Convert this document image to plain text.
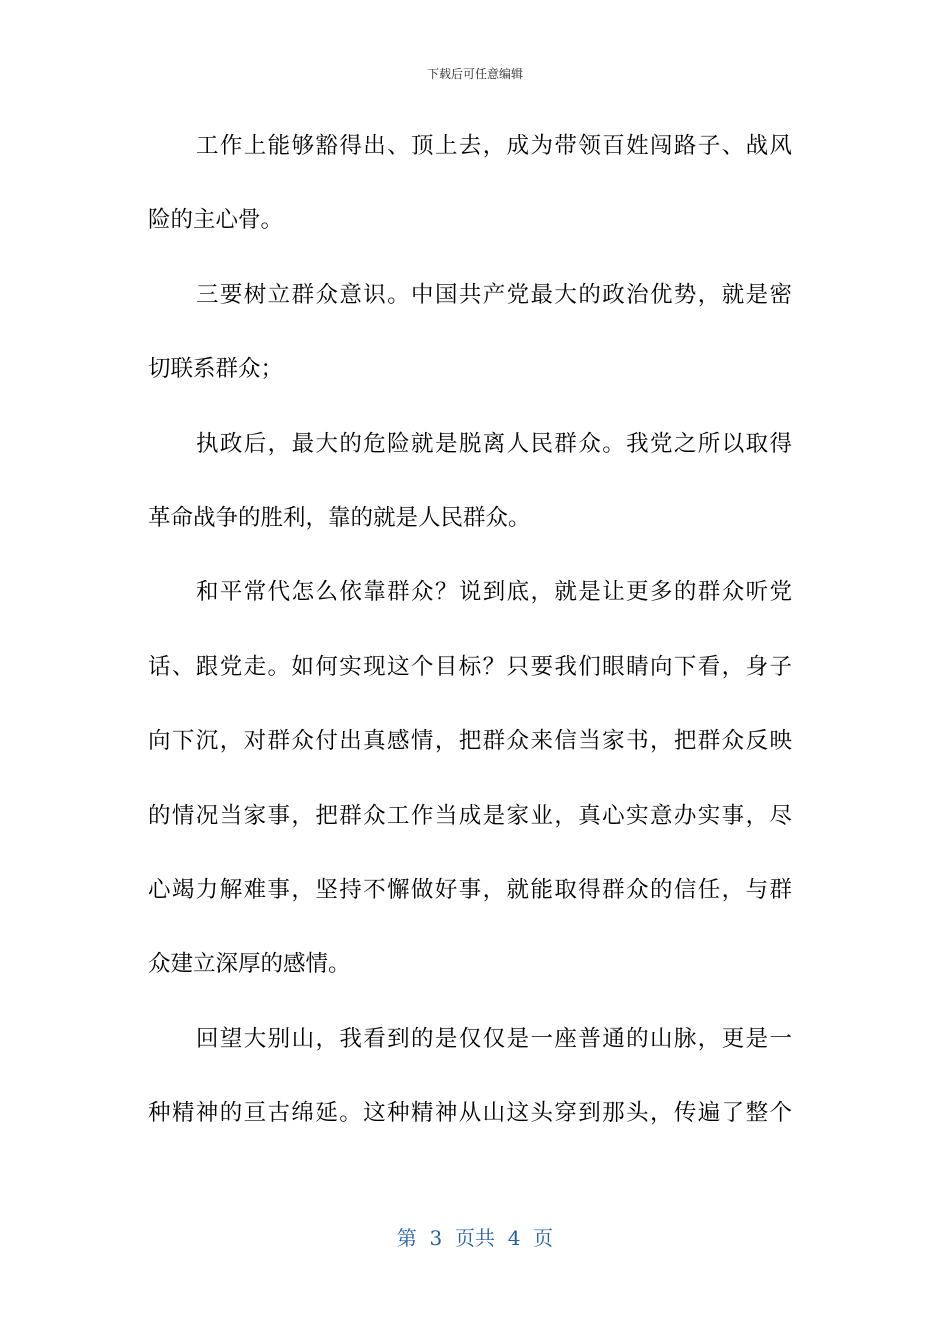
下载后可任意编辑
工作上能够豁得出、顶上去，成为带领百姓闯路子、战风
险的主心骨。
三要树立群众意识。中国共产党最大的政治优势，就是密
切联系群众；
执政后，最大的危险就是脱离人民群众。我党之所以取得
革命战争的胜利，靠的就是人民群众。
和平常代怎么依靠群众？说到底，就是让更多的群众听党
话、跟党走。如何实现这个目标？只要我们眼睛向下看，身子
向下沉，对群众付出真感情，把群众来信当家书，把群众反映
的情况当家事，把群众工作当成是家业，真心实意办实事，尽
心竭力解难事，坚持不懈做好事，就能取得群众的信任，与群
众建立深厚的感情。
回望大别山，我看到的是仅仅是一座普通的山脉，更是一
种精神的亘古绵延。这种精神从山这头穿到那头，传遍了整个
第  3  页共  4  页
